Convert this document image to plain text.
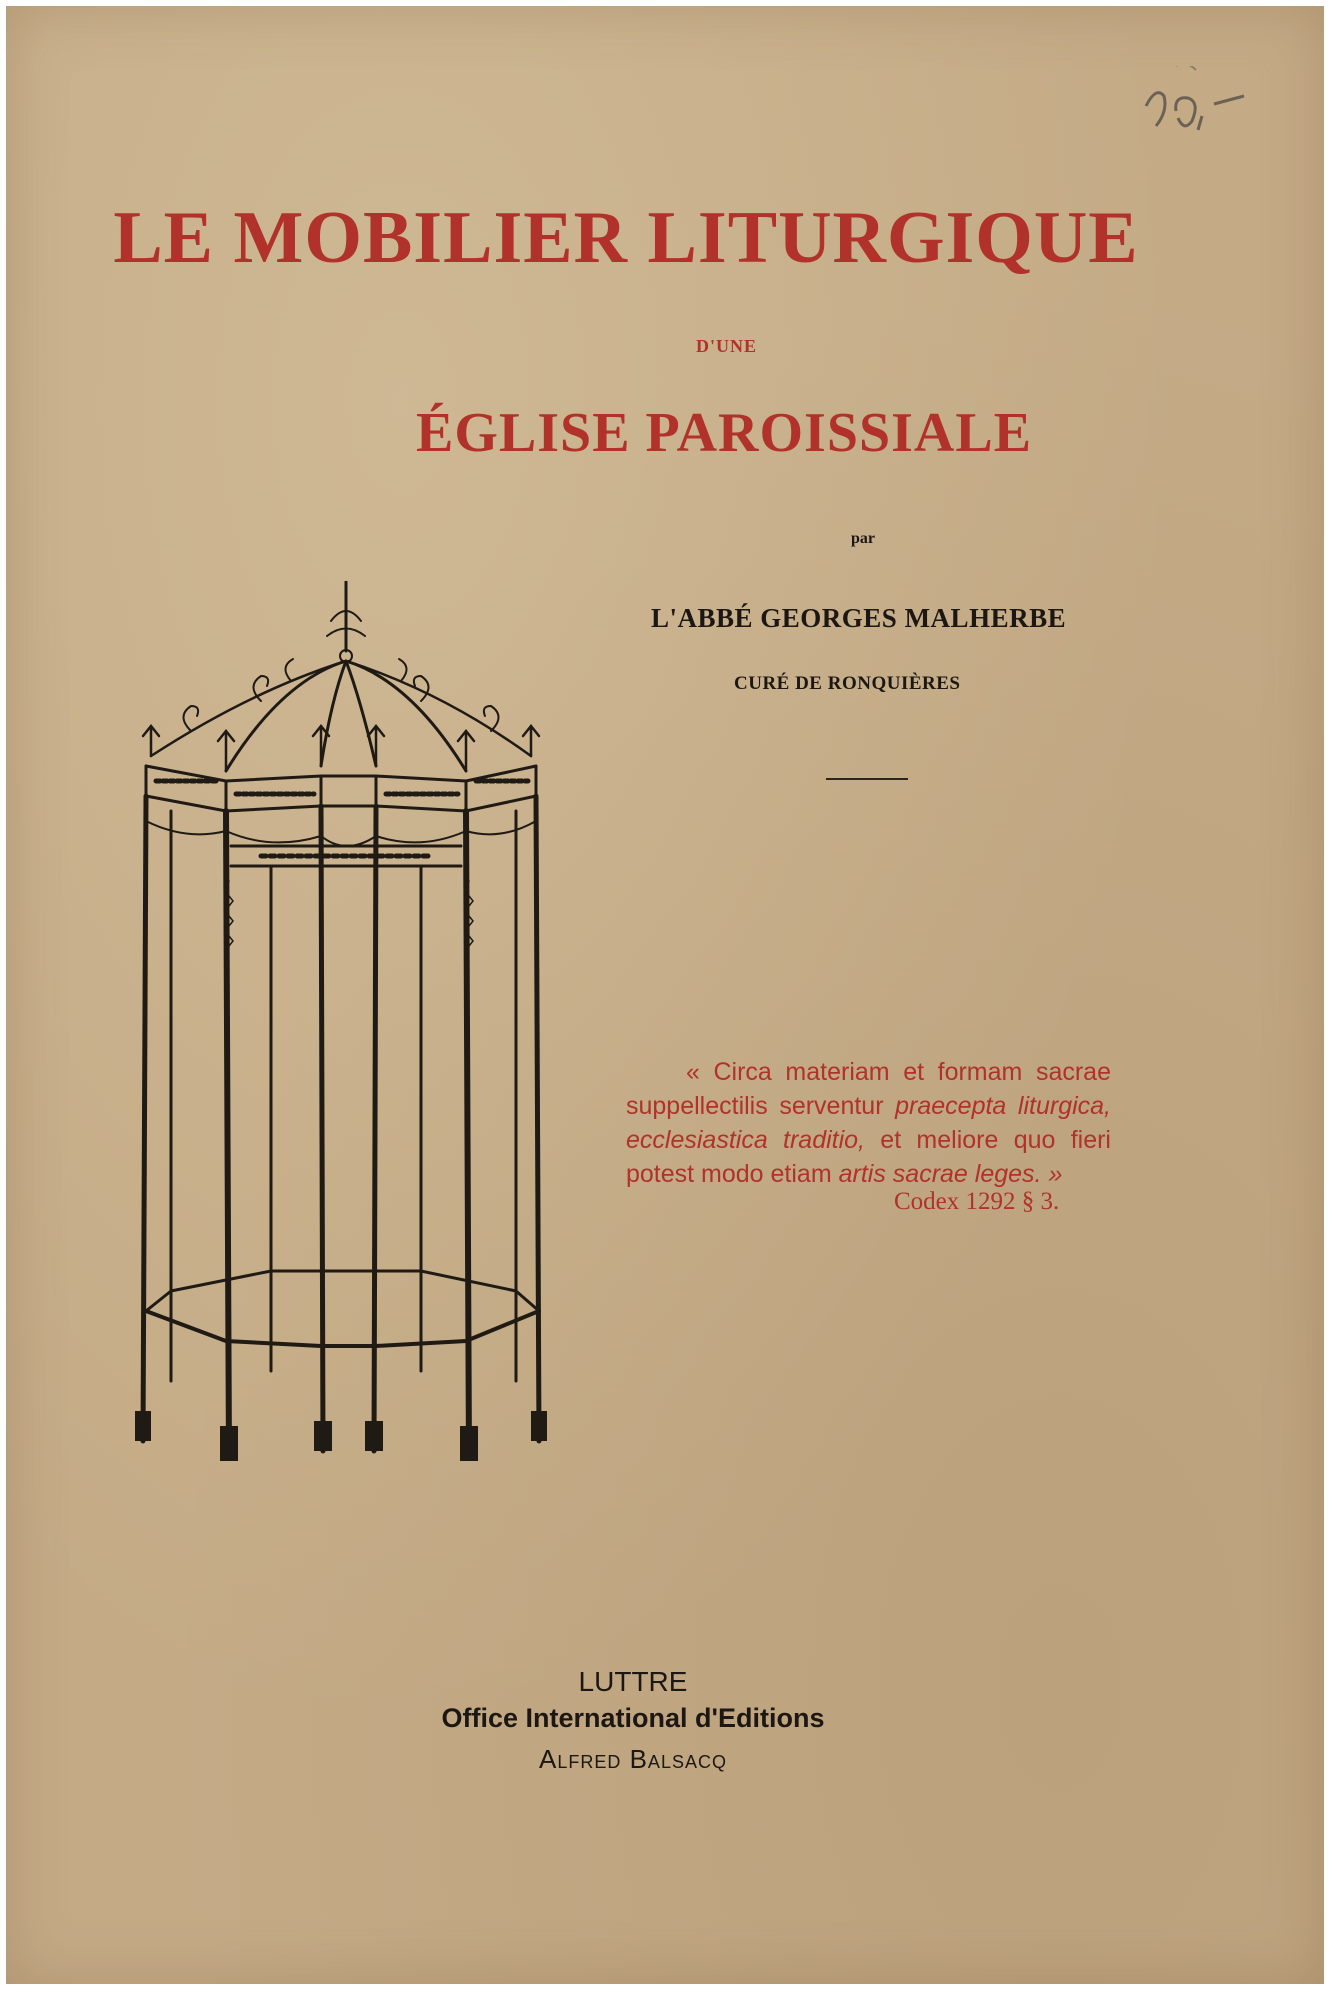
LE MOBILIER LITURGIQUE
D'UNE
ÉGLISE PAROISSIALE
par
L'ABBÉ GEORGES MALHERBE
CURÉ DE RONQUIÈRES

« Circa materiam et formam sacrae suppellectilis serventur praecepta liturgica, ecclesiastica traditio, et meliore quo fieri potest modo etiam artis sacrae leges. »

Codex 1292 § 3.
LUTTRE
Office International d'Editions
Alfred Balsacq
